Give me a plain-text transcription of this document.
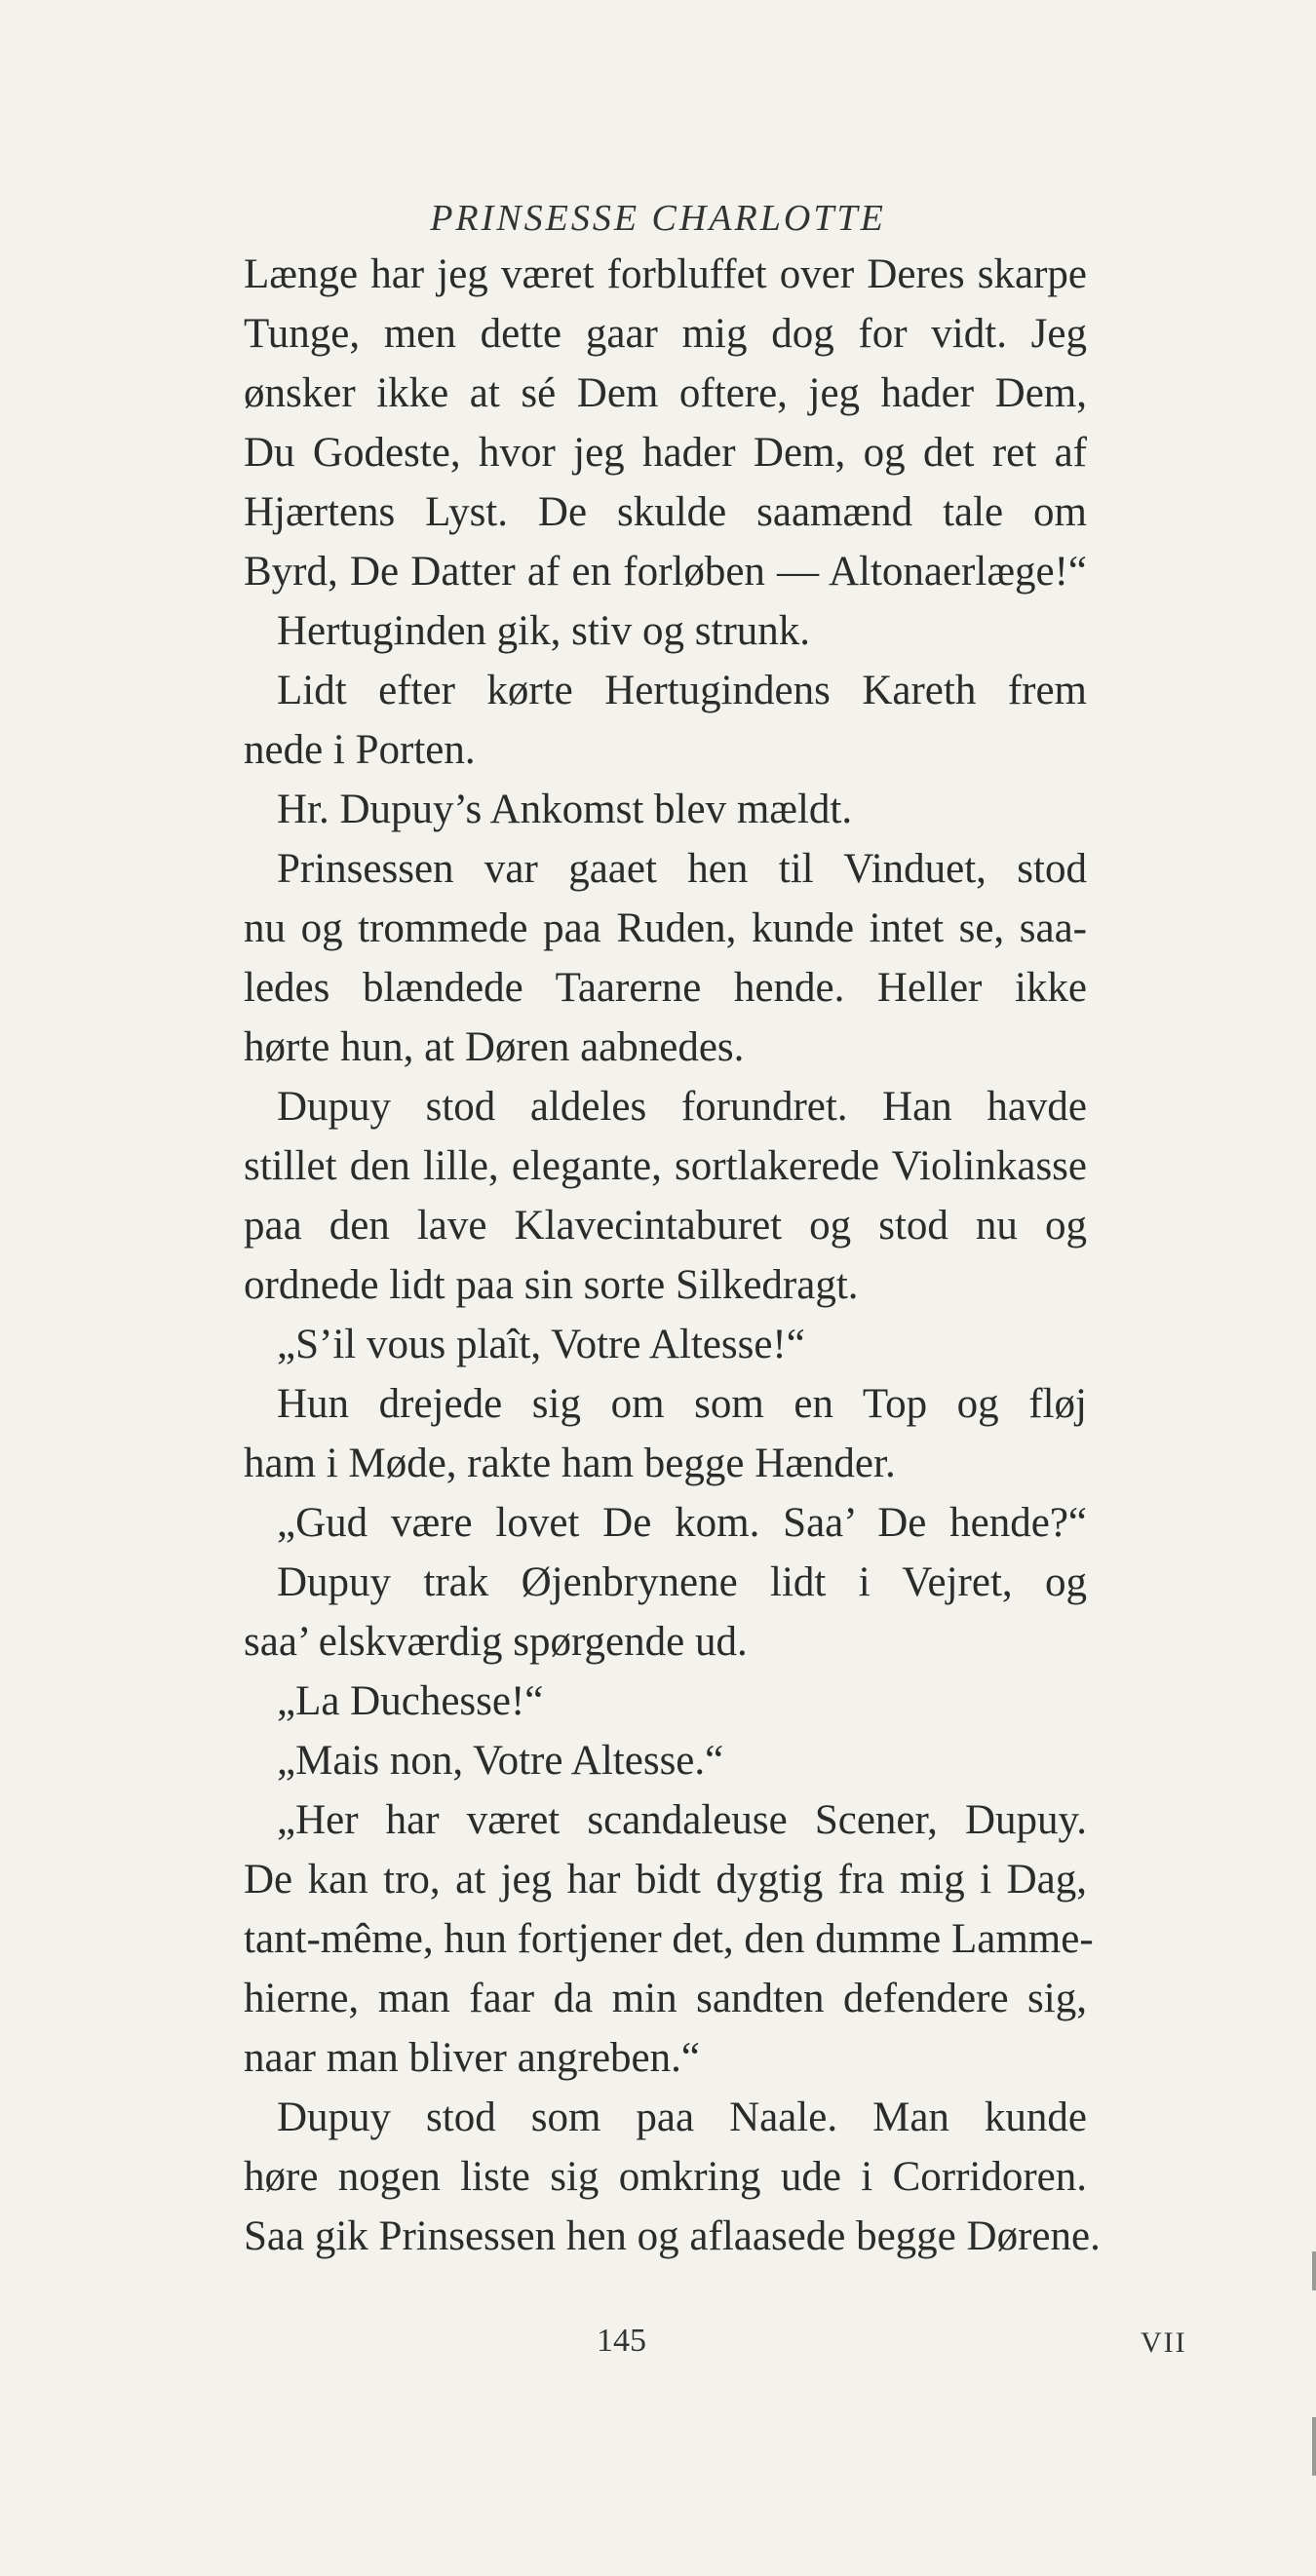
PRINSESSE CHARLOTTE
Længe har jeg været forbluffet over Deres skarpe
Tunge, men dette gaar mig dog for vidt. Jeg
ønsker ikke at sé Dem oftere, jeg hader Dem,
Du Godeste, hvor jeg hader Dem, og det ret af
Hjærtens Lyst. De skulde saamænd tale om
Byrd, De Datter af en forløben — Altonaerlæge!“
Hertuginden gik, stiv og strunk.
Lidt efter kørte Hertugindens Kareth frem
nede i Porten.
Hr. Dupuy’s Ankomst blev mældt.
Prinsessen var gaaet hen til Vinduet, stod
nu og trommede paa Ruden, kunde intet se, saa-
ledes blændede Taarerne hende. Heller ikke
hørte hun, at Døren aabnedes.
Dupuy stod aldeles forundret. Han havde
stillet den lille, elegante, sortlakerede Violinkasse
paa den lave Klavecintaburet og stod nu og
ordnede lidt paa sin sorte Silkedragt.
„S’il vous plaît, Votre Altesse!“
Hun drejede sig om som en Top og fløj
ham i Møde, rakte ham begge Hænder.
„Gud være lovet De kom. Saa’ De hende?“
Dupuy trak Øjenbrynene lidt i Vejret, og
saa’ elskværdig spørgende ud.
„La Duchesse!“
„Mais non, Votre Altesse.“
„Her har været scandaleuse Scener, Dupuy.
De kan tro, at jeg har bidt dygtig fra mig i Dag,
tant-même, hun fortjener det, den dumme Lamme-
hierne, man faar da min sandten defendere sig,
naar man bliver angreben.“
Dupuy stod som paa Naale. Man kunde
høre nogen liste sig omkring ude i Corridoren.
Saa gik Prinsessen hen og aflaasede begge Dørene.
145	VII
